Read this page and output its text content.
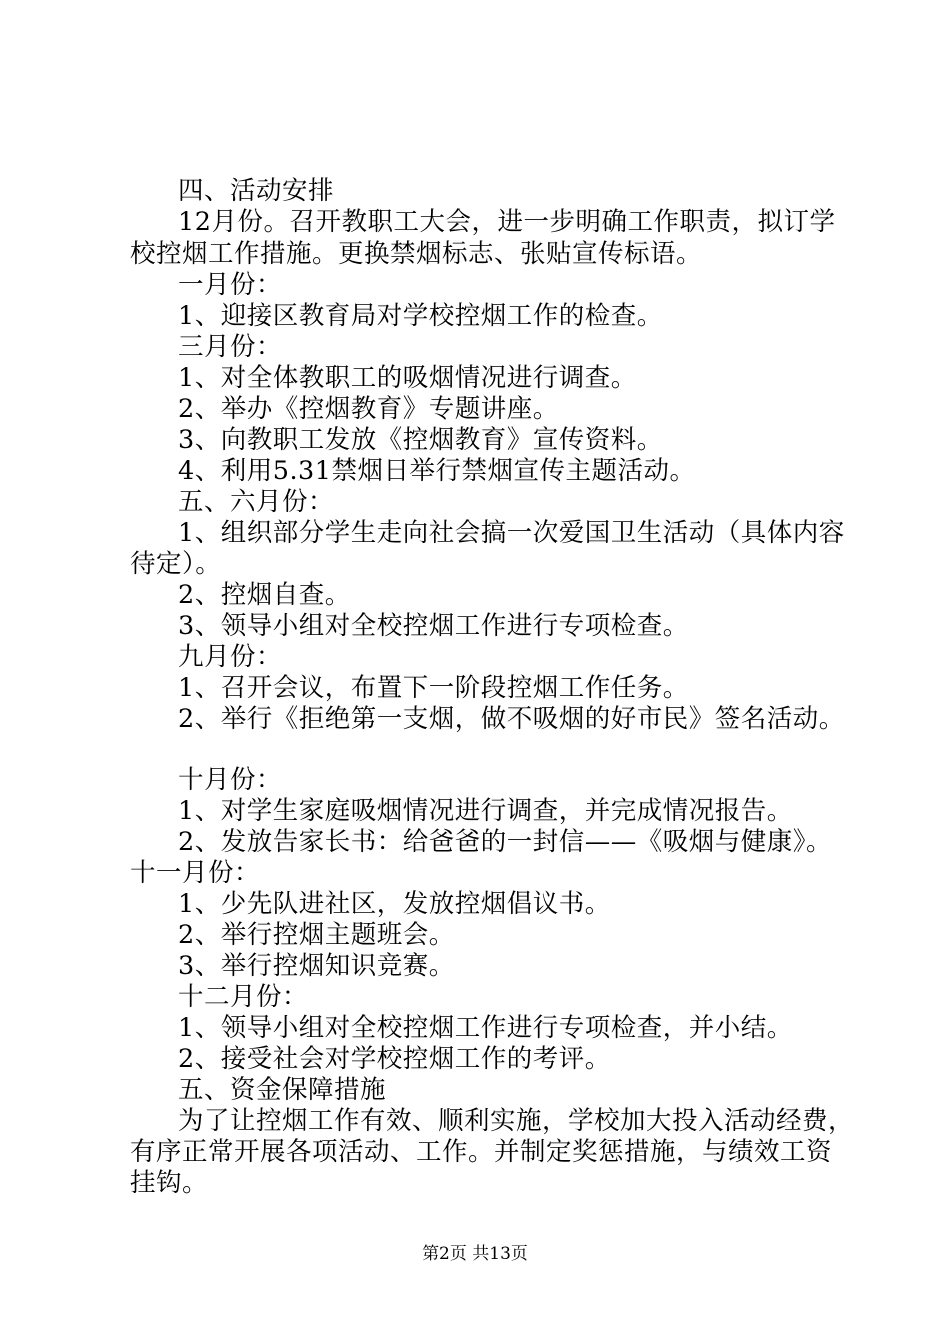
四、活动安排
12月份。召开教职工大会，进一步明确工作职责，拟订学
校控烟工作措施。更换禁烟标志、张贴宣传标语。
一月份：
1、迎接区教育局对学校控烟工作的检查。
三月份：
1、对全体教职工的吸烟情况进行调查。
2、举办《控烟教育》专题讲座。
3、向教职工发放《控烟教育》宣传资料。
4、利用5.31禁烟日举行禁烟宣传主题活动。
五、六月份：
1、组织部分学生走向社会搞一次爱国卫生活动（具体内容
待定）。
2、控烟自查。
3、领导小组对全校控烟工作进行专项检查。
九月份：
1、召开会议，布置下一阶段控烟工作任务。
2、举行《拒绝第一支烟，做不吸烟的好市民》签名活动。
十月份：
1、对学生家庭吸烟情况进行调查，并完成情况报告。
2、发放告家长书：给爸爸的一封信——《吸烟与健康》。
十一月份：
1、少先队进社区，发放控烟倡议书。
2、举行控烟主题班会。
3、举行控烟知识竞赛。
十二月份：
1、领导小组对全校控烟工作进行专项检查，并小结。
2、接受社会对学校控烟工作的考评。
五、资金保障措施
为了让控烟工作有效、顺利实施，学校加大投入活动经费，
有序正常开展各项活动、工作。并制定奖惩措施，与绩效工资
挂钩。
第2页 共13页
